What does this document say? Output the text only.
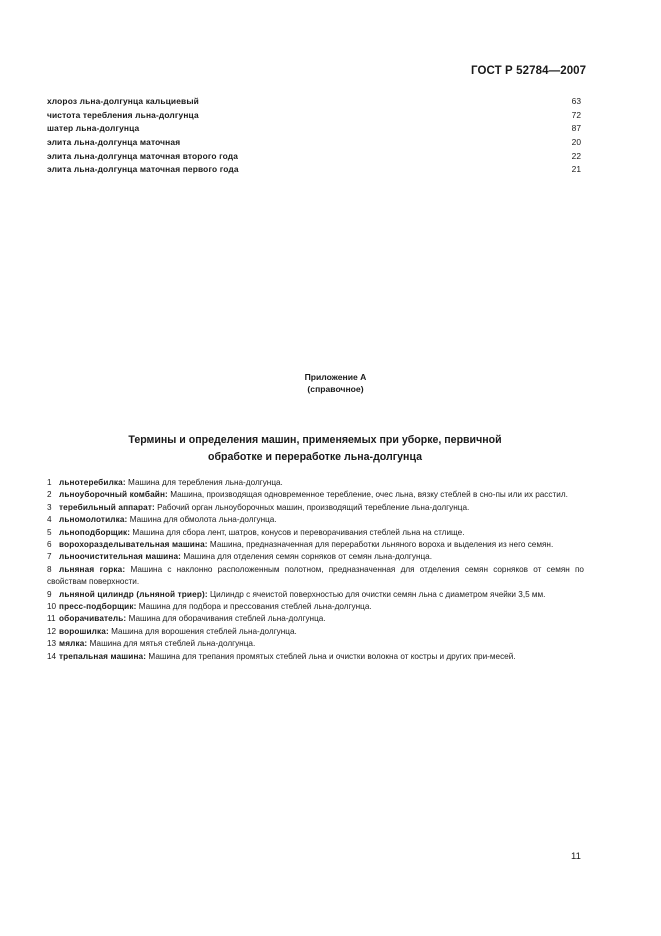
ГОСТ Р 52784—2007
хлороз льна-долгунца кальциевый	63
чистота теребления льна-долгунца	72
шатер льна-долгунца	87
элита льна-долгунца маточная	20
элита льна-долгунца маточная второго года	22
элита льна-долгунца маточная первого года	21
Приложение А
(справочное)
Термины и определения машин, применяемых при уборке, первичной
обработке и переработке льна-долгунца
1 льнотеребилка: Машина для теребления льна-долгунца.
2 льноуборочный комбайн: Машина, производящая одновременное теребление, очес льна, вязку стеблей в сно-пы или их расстил.
3 теребильный аппарат: Рабочий орган льноуборочных машин, производящий теребление льна-долгунца.
4 льномолотилка: Машина для обмолота льна-долгунца.
5 льноподборщик: Машина для сбора лент, шатров, конусов и переворачивания стеблей льна на стлище.
6 ворохоразделывательная машина: Машина, предназначенная для переработки льняного вороха и выделения из него семян.
7 льноочистительная машина: Машина для отделения семян сорняков от семян льна-долгунца.
8 льняная горка: Машина с наклонно расположенным полотном, предназначенная для отделения семян сорняков от семян по свойствам поверхности.
9 льняной цилиндр (льняной триер): Цилиндр с ячеистой поверхностью для очистки семян льна с диаметром ячейки 3,5 мм.
10 пресс-подборщик: Машина для подбора и прессования стеблей льна-долгунца.
11 оборачиватель: Машина для оборачивания стеблей льна-долгунца.
12 ворошилка: Машина для ворошения стеблей льна-долгунца.
13 мялка: Машина для мятья стеблей льна-долгунца.
14 трепальная машина: Машина для трепания промятых стеблей льна и очистки волокна от костры и других при-месей.
11
